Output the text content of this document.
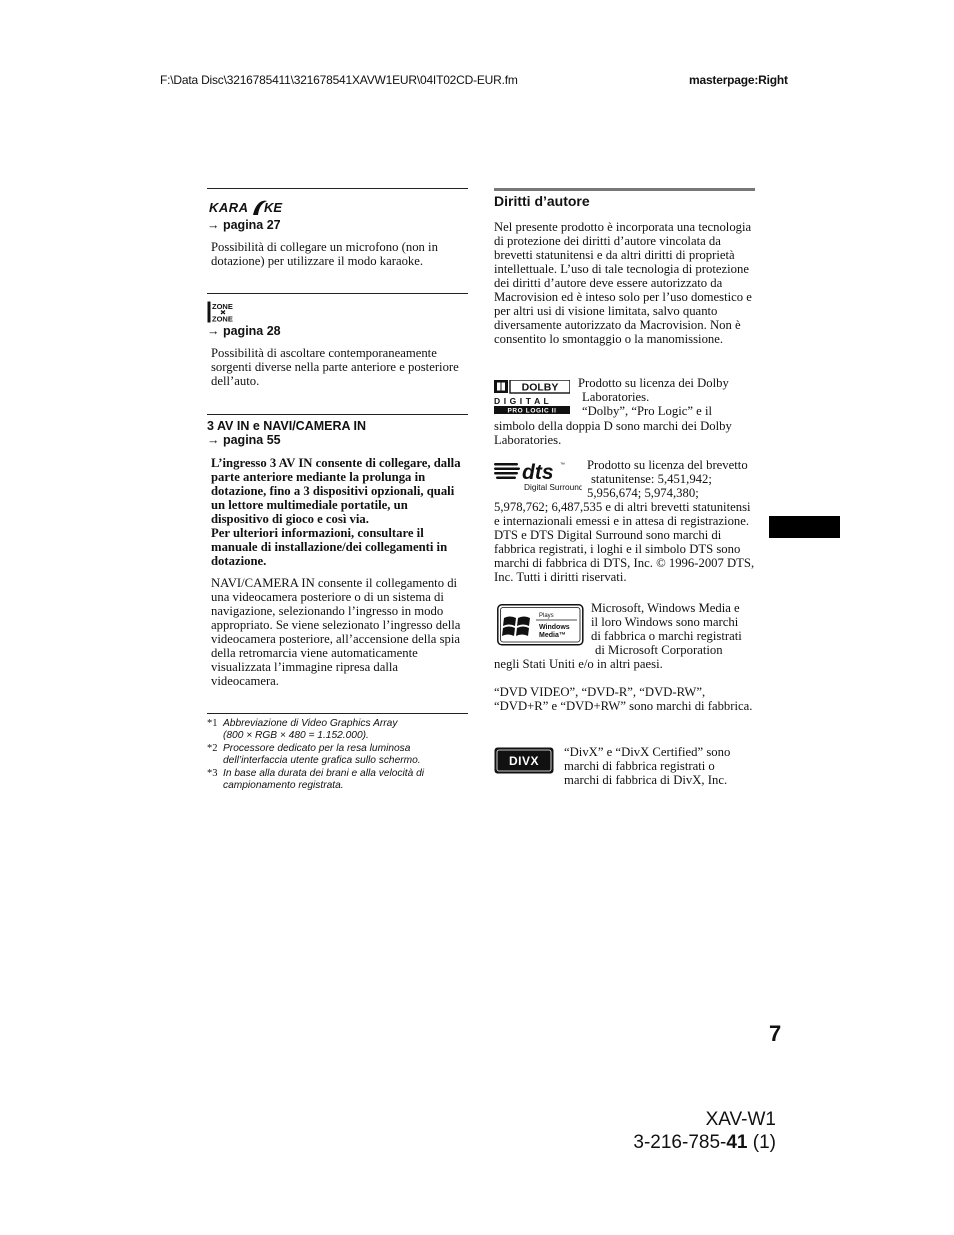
F:\Data Disc\3216785411\321678541XAVW1EUR\04IT02CD-EUR.fm	masterpage:Right
KARA KE
→ pagina 27
Possibilità di collegare un microfono (non in dotazione) per utilizzare il modo karaoke.
ZONE
ZONE
→ pagina 28
Possibilità di ascoltare contemporaneamente sorgenti diverse nella parte anteriore e posteriore dell’auto.
3 AV IN e NAVI/CAMERA IN
→ pagina 55

L’ingresso 3 AV IN consente di collegare, dalla parte anteriore mediante la prolunga in dotazione, fino a 3 dispositivi opzionali, quali un lettore multimediale portatile, un dispositivo di gioco e così via.

Per ulteriori informazioni, consultare il manuale di installazione/dei collegamenti in dotazione.

NAVI/CAMERA IN consente il collegamento di una videocamera posteriore o di un sistema di navigazione, selezionando l’ingresso in modo appropriato. Se viene selezionato l’ingresso della videocamera posteriore, all’accensione della spia della retromarcia viene automaticamente visualizzata l’immagine ripresa dalla videocamera.
*1 Abbreviazione di Video Graphics Array
(800 × RGB × 480 = 1.152.000).
*2 Processore dedicato per la resa luminosa
dell’interfaccia utente grafica sullo schermo.
*3 In base alla durata dei brani e alla velocità di
campionamento registrata.
Diritti d’autore
Nel presente prodotto è incorporata una tecnologia di protezione dei diritti d’autore vincolata da brevetti statunitensi e da altri diritti di proprietà intellettuale. L’uso di tale tecnologia di protezione dei diritti d’autore deve essere autorizzato da Macrovision ed è inteso solo per l’uso domestico e per altri usi di visione limitata, salvo quanto diversamente autorizzato da Macrovision. Non è consentito lo smontaggio o la manomissione.
DOLBY
D I G I T A L
PRO LOGIC II
Prodotto su licenza dei Dolby
Laboratories.
“Dolby”, “Pro Logic” e il
simbolo della doppia D sono marchi dei Dolby
Laboratories.
dts ™
Digital Surround
Prodotto su licenza del brevetto
statunitense: 5,451,942;
5,956,674; 5,974,380;
5,978,762; 6,487,535 e di altri brevetti statunitensi e internazionali emessi e in attesa di registrazione. DTS e DTS Digital Surround sono marchi di fabbrica registrati, i loghi e il simbolo DTS sono marchi di fabbrica di DTS, Inc. © 1996-2007 DTS, Inc. Tutti i diritti riservati.
Plays
Windows
Media™
Microsoft, Windows Media e
il loro Windows sono marchi
di fabbrica o marchi registrati
di Microsoft Corporation
negli Stati Uniti e/o in altri paesi.
“DVD VIDEO”, “DVD-R”, “DVD-RW”, “DVD+R” e “DVD+RW” sono marchi di fabbrica.
DIVX
“DivX” e “DivX Certified” sono
marchi di fabbrica registrati o
marchi di fabbrica di DivX, Inc.
7
XAV-W1
3-216-785-41 (1)
